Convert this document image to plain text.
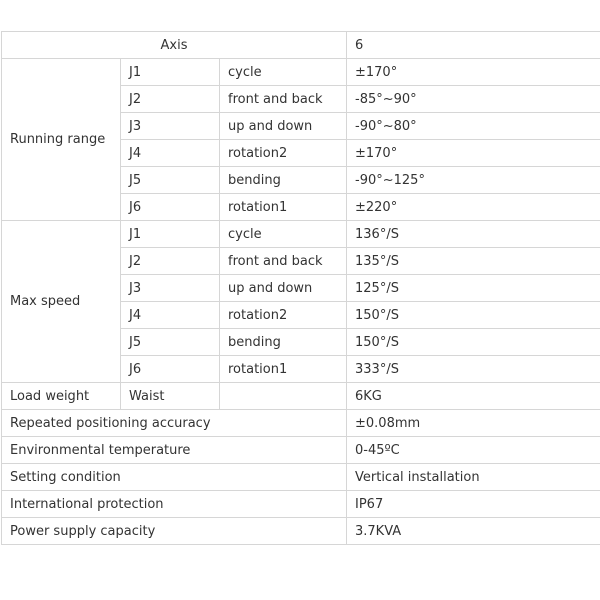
Axis			6
Running range	J1	cycle	±170°
	J2	front and back	-85°~90°
	J3	up and down	-90°~80°
	J4	rotation2	±170°
	J5	bending	-90°~125°
	J6	rotation1	±220°
Max speed	J1	cycle	136°/S
	J2	front and back	135°/S
	J3	up and down	125°/S
	J4	rotation2	150°/S
	J5	bending	150°/S
	J6	rotation1	333°/S
Load weight	Waist		6KG
Repeated positioning accuracy			±0.08mm
Environmental temperature			0-45ºC
Setting condition			Vertical installation
International protection			IP67
Power supply capacity			3.7KVA
